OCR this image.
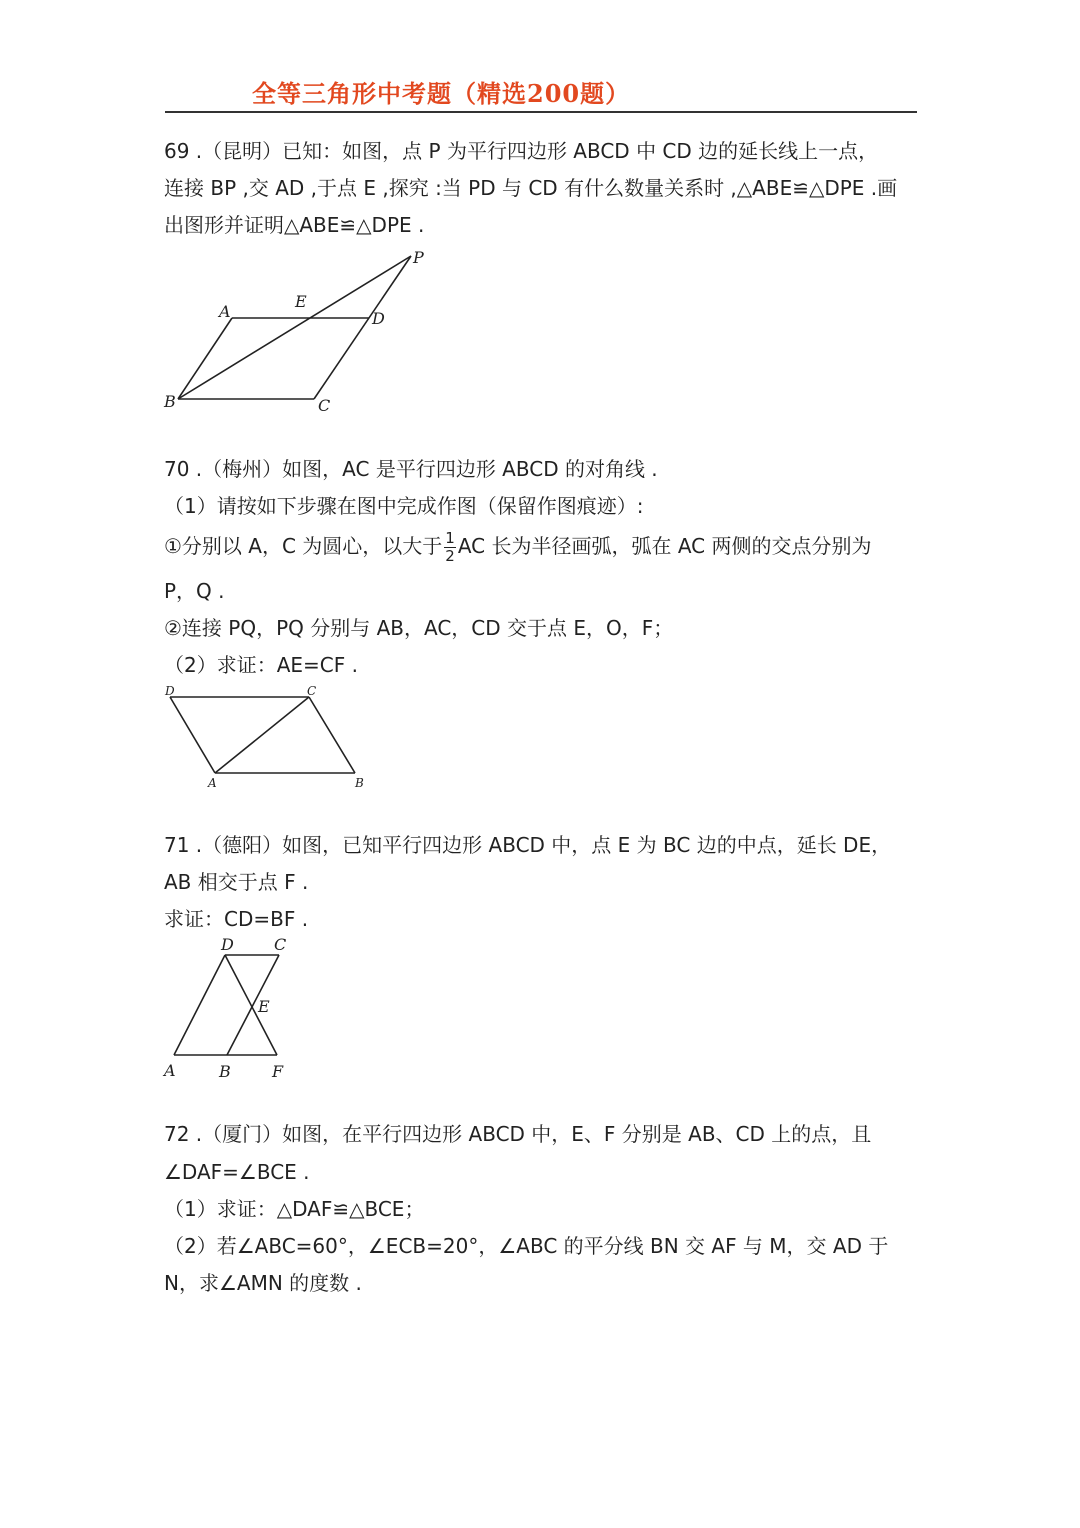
全等三角形中考题（精选200题）
69 .（昆明）已知：如图，点 P 为平行四边形 ABCD 中 CD 边的延长线上一点，
连接 BP ,交 AD ,于点 E ,探究 :当 PD 与 CD 有什么数量关系时 ,△ABE≌△DPE .画
出图形并证明△ABE≌△DPE .
A
E
D
P
B	C
70 .（梅州）如图，AC 是平行四边形 ABCD 的对角线 .
（1）请按如下步骤在图中完成作图（保留作图痕迹）:
①分别以 A，C 为圆心，以大于 $\frac{1}{2}$ AC 长为半径画弧，弧在 AC 两侧的交点分别为
P，Q .
②连接 PQ，PQ 分别与 AB，AC，CD 交于点 E，O，F；
（2）求证：AE=CF .
D	C
A	B
71 .（德阳）如图，已知平行四边形 ABCD 中，点 E 为 BC 边的中点，延长 DE，
AB 相交于点 F .
求证：CD=BF .
D	C
E
A	B	F
72 .（厦门）如图，在平行四边形 ABCD 中，E、F 分别是 AB、CD 上的点，且
∠DAF=∠BCE .
（1）求证：△DAF≌△BCE；
（2）若∠ABC=60°，∠ECB=20°，∠ABC 的平分线 BN 交 AF 与 M，交 AD 于
N，求∠AMN 的度数 .
